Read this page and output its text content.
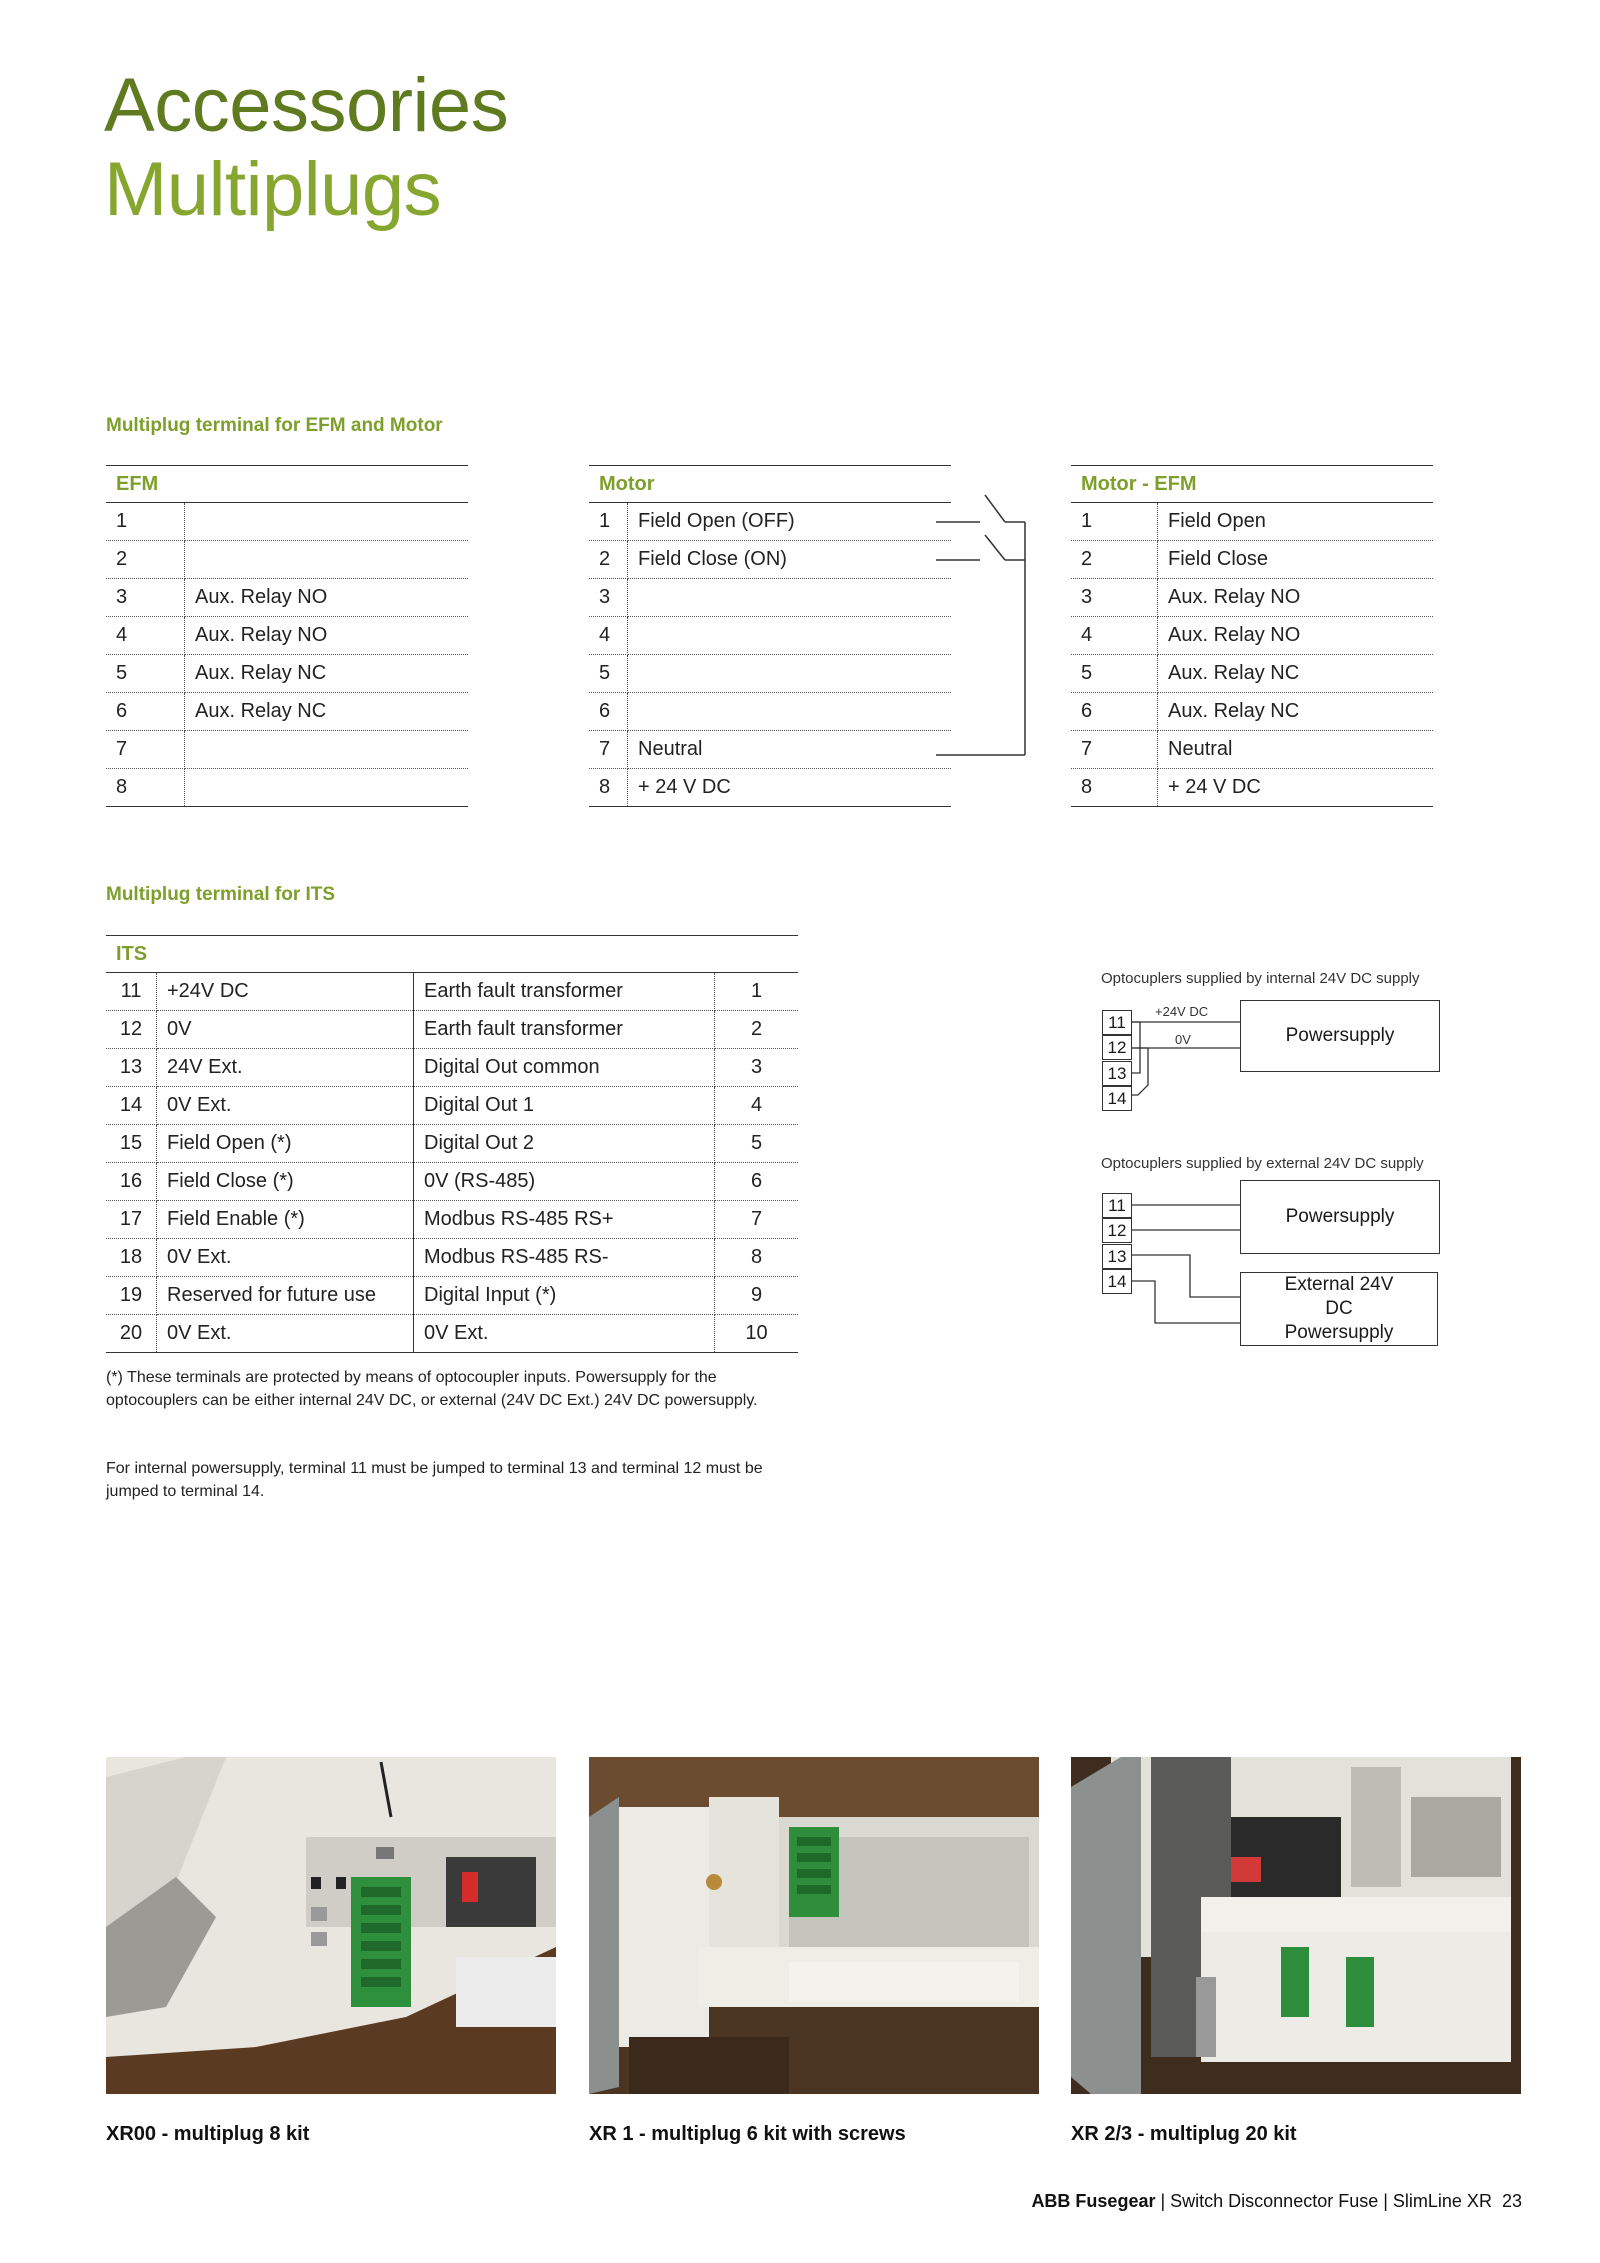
Accessories
Multiplugs
Multiplug terminal for EFM and Motor
EFM	
1	
2	
3	Aux. Relay NO
4	Aux. Relay NO
5	Aux. Relay NC
6	Aux. Relay NC
7	
8	
Motor	
1	Field Open (OFF)
2	Field Close (ON)
3	
4	
5	
6	
7	Neutral
8	+ 24 V DC
Motor - EFM	
1	Field Open
2	Field Close
3	Aux. Relay NO
4	Aux. Relay NO
5	Aux. Relay NC
6	Aux. Relay NC
7	Neutral
8	+ 24 V DC
Multiplug terminal for ITS
ITS			
11	+24V DC	Earth fault transformer	1
12	0V	Earth fault transformer	2
13	24V Ext.	Digital Out common	3
14	0V Ext.	Digital Out 1	4
15	Field Open (*)	Digital Out 2	5
16	Field Close (*)	0V (RS-485)	6
17	Field Enable (*)	Modbus RS-485 RS+	7
18	0V Ext.	Modbus RS-485 RS-	8
19	Reserved for future use	Digital Input (*)	9
20	0V Ext.	0V Ext.	10
(*) These terminals are protected by means of optocoupler inputs. Powersupply for the optocouplers can be either internal 24V DC, or external (24V DC Ext.) 24V DC powersupply.
For internal powersupply, terminal 11 must be jumped to terminal 13 and terminal 12 must be jumped to terminal 14.
Optocuplers supplied by internal 24V DC supply
+24V DC
0V
11
12
13
14
Powersupply
Optocuplers supplied by external 24V DC supply
11
12
13
14
Powersupply
External 24V DC Powersupply
XR00 - multiplug 8 kit	XR 1 - multiplug 6 kit with screws	XR 2/3 - multiplug 20 kit
ABB Fusegear | Switch Disconnector Fuse | SlimLine XR 23
